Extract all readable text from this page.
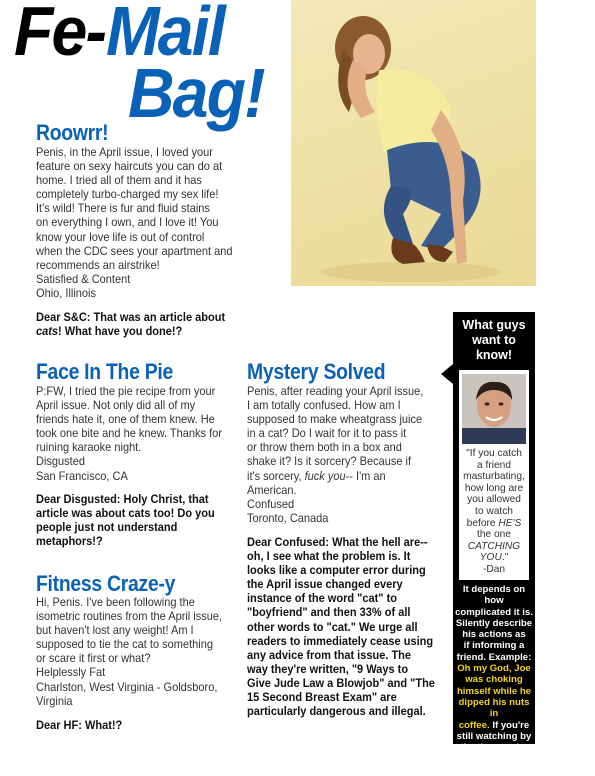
Fe- Mail
Bag!
Roowrr!

Penis, in the April issue, I loved your

feature on sexy haircuts you can do at

home. I tried all of them and it has

completely turbo-charged my sex life!

It's wild! There is fur and fluid stains

on everything I own, and I love it! You

know your love life is out of control

when the CDC sees your apartment and

recommends an airstrike!

Satisfied & Content

Ohio, Illinois

Dear S&C: That was an article about

cats! What have you done!?

Face In The Pie

P:FW, I tried the pie recipe from your

April issue. Not only did all of my

friends hate it, one of them knew. He

took one bite and he knew. Thanks for

ruining karaoke night.

Disgusted

San Francisco, CA

Dear Disgusted: Holy Christ, that

article was about cats too! Do you

people just not understand

metaphors!?

Fitness Craze-y

Hi, Penis. I've been following the

isometric routines from the April issue,

but haven't lost any weight! Am I

supposed to tie the cat to something

or scare it first or what?

Helplessly Fat

Charlston, West Virginia - Goldsboro,

Virginia

Dear HF: What!?

Mystery Solved

Penis, after reading your April issue,

I am totally confused. How am I

supposed to make wheatgrass juice

in a cat? Do I wait for it to pass it

or throw them both in a box and

shake it? Is it sorcery? Because if

it's sorcery, fuck you-- I'm an

American.

Confused

Toronto, Canada

Dear Confused: What the hell are--

oh, I see what the problem is. It

looks like a computer error during

the April issue changed every

instance of the word "cat" to

"boyfriend" and then 33% of all

other words to "cat." We urge all

readers to immediately cease using

any advice from that issue. The

way they're written, "9 Ways to

Give Jude Law a Blowjob" and "The

15 Second Breast Exam" are

particularly dangerous and illegal.

What guys
want to
know!

"If you catch

a friend

masturbating,

how long are

you allowed

to watch

before HE'S

the one

CATCHING

YOU."

-Dan

It depends on how

complicated it is.

Silently describe

his actions as

if informing a

friend. Example:

Oh my God, Joe

was choking

himself while he

dipped his nuts in

coffee. If you're

still watching by

the time you're

finished, then

you are gay.
